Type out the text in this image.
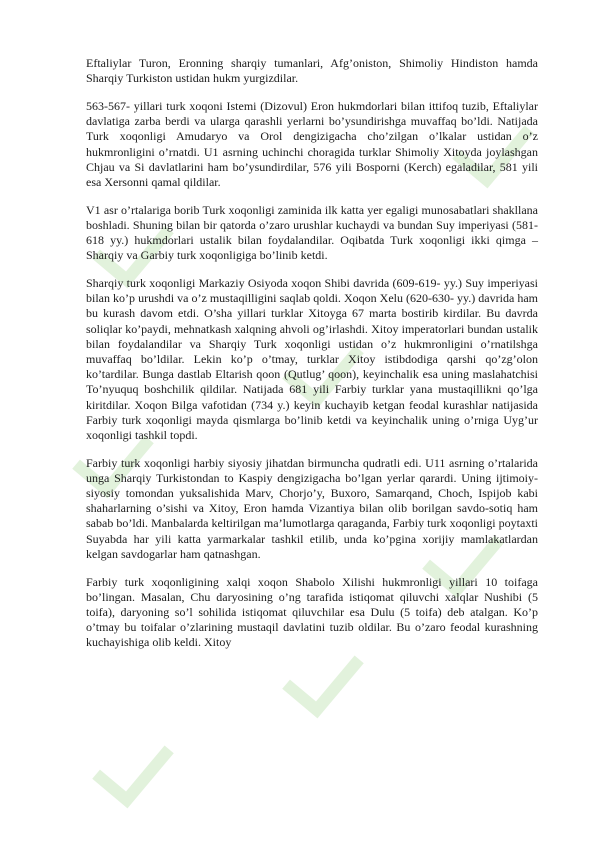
Eftaliylar Turon, Eronning sharqiy tumanlari, Afg’oniston, Shimoliy Hindiston hamda Sharqiy Turkiston ustidan hukm yurgizdilar.

563-567- yillari turk xoqoni Istemi (Dizovul) Eron hukmdorlari bilan ittifoq tuzib, Eftaliylar davlatiga zarba berdi va ularga qarashli yerlarni bo’ysundirishga muvaffaq bo’ldi. Natijada Turk xoqonligi Amudaryo va Orol dengizigacha cho’zilgan o’lkalar ustidan o’z hukmronligini o’rnatdi. U1 asrning uchinchi choragida turklar Shimoliy Xitoyda joylashgan Chjau va Si davlatlarini ham bo’ysundirdilar, 576 yili Bosporni (Kerch) egaladilar, 581 yili esa Xersonni qamal qildilar.

V1 asr o’rtalariga borib Turk xoqonligi zaminida ilk katta yer egaligi munosabatlari shakllana boshladi. Shuning bilan bir qatorda o’zaro urushlar kuchaydi va bundan Suy imperiyasi (581-618 yy.) hukmdorlari ustalik bilan foydalandilar. Oqibatda Turk xoqonligi ikki qimga – Sharqiy va Garbiy turk xoqonligiga bo’linib ketdi.

Sharqiy turk xoqonligi Markaziy Osiyoda xoqon Shibi davrida (609-619- yy.) Suy imperiyasi bilan ko’p urushdi va o’z mustaqilligini saqlab qoldi. Xoqon Xelu (620-630- yy.) davrida ham bu kurash davom etdi. O’sha yillari turklar Xitoyga 67 marta bostirib kirdilar. Bu davrda soliqlar ko’paydi, mehnatkash xalqning ahvoli og’irlashdi. Xitoy imperatorlari bundan ustalik bilan foydalandilar va Sharqiy Turk xoqonligi ustidan o’z hukmronligini o’rnatilshga muvaffaq bo’ldilar. Lekin ko’p o’tmay, turklar Xitoy istibdodiga qarshi qo’zg’olon ko’tardilar. Bunga dastlab Eltarish qoon (Qutlug’ qoon), keyinchalik esa uning maslahatchisi To’nyuquq boshchilik qildilar. Natijada 681 yili Farbiy turklar yana mustaqillikni qo’lga kiritdilar. Xoqon Bilga vafotidan (734 y.) keyin kuchayib ketgan feodal kurashlar natijasida Farbiy turk xoqonligi mayda qismlarga bo’linib ketdi va keyinchalik uning o’rniga Uyg’ur xoqonligi tashkil topdi.

Farbiy turk xoqonligi harbiy siyosiy jihatdan birmuncha qudratli edi. U11 asrning o’rtalarida unga Sharqiy Turkistondan to Kaspiy dengizigacha bo’lgan yerlar qarardi. Uning ijtimoiy-siyosiy tomondan yuksalishida Marv, Chorjo’y, Buxoro, Samarqand, Choch, Ispijob kabi shaharlarning o’sishi va Xitoy, Eron hamda Vizantiya bilan olib borilgan savdo-sotiq ham sabab bo’ldi. Manbalarda keltirilgan ma’lumotlarga qaraganda, Farbiy turk xoqonligi poytaxti Suyabda har yili katta yarmarkalar tashkil etilib, unda ko’pgina xorijiy mamlakatlardan kelgan savdogarlar ham qatnashgan.

Farbiy turk xoqonligining xalqi xoqon Shabolo Xilishi hukmronligi yillari 10 toifaga bo’lingan. Masalan, Chu daryosining o’ng tarafida istiqomat qiluvchi xalqlar Nushibi (5 toifa), daryoning so’l sohilida istiqomat qiluvchilar esa Dulu (5 toifa) deb atalgan. Ko’p o’tmay bu toifalar o’zlarining mustaqil davlatini tuzib oldilar. Bu o’zaro feodal kurashning kuchayishiga olib keldi. Xitoy
